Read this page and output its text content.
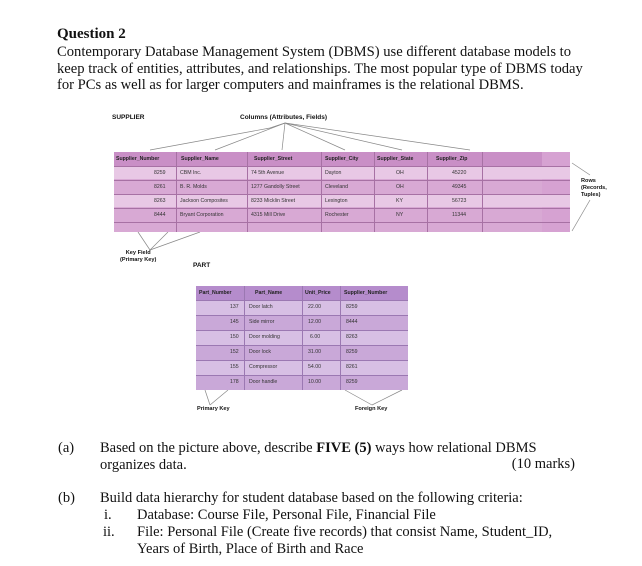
Question 2
Contemporary Database Management System (DBMS) use different database models to keep track of entities, attributes, and relationships. The most popular type of DBMS today for PCs as well as for larger computers and mainframes is the relational DBMS.
SUPPLIER	Columns (Attributes, Fields)
Supplier_Number	Supplier_Name	Supplier_Street	Supplier_City	Supplier_State	Supplier_Zip
8259	CBM Inc.	74 5th Avenue	Dayton	OH	45220
8261	B. R. Molds	1277 Gandolly Street	Cleveland	OH	49345
8263	Jackson Composites	8233 Micklin Street	Lexington	KY	56723
8444	Bryant Corporation	4315 Mill Drive	Rochester	NY	11344
Rows
(Records,
Tuples)
Key Field
(Primary Key)
PART
Part_Number	Part_Name	Unit_Price	Supplier_Number
137 Door latch	22.00	8259
145 Side mirror	12.00	8444
150 Door molding	6.00	8263
152 Door lock	31.00	8259
155 Compressor	54.00	8261
178 Door handle	10.00	8259
Primary Key	Foreign Key
(a) Based on the picture above, describe FIVE (5) ways how relational DBMS organizes data.	(10 marks)
(b) Build data hierarchy for student database based on the following criteria:
i. Database: Course File, Personal File, Financial File
ii. File: Personal File (Create five records) that consist Name, Student_ID,
Years of Birth, Place of Birth and Race
